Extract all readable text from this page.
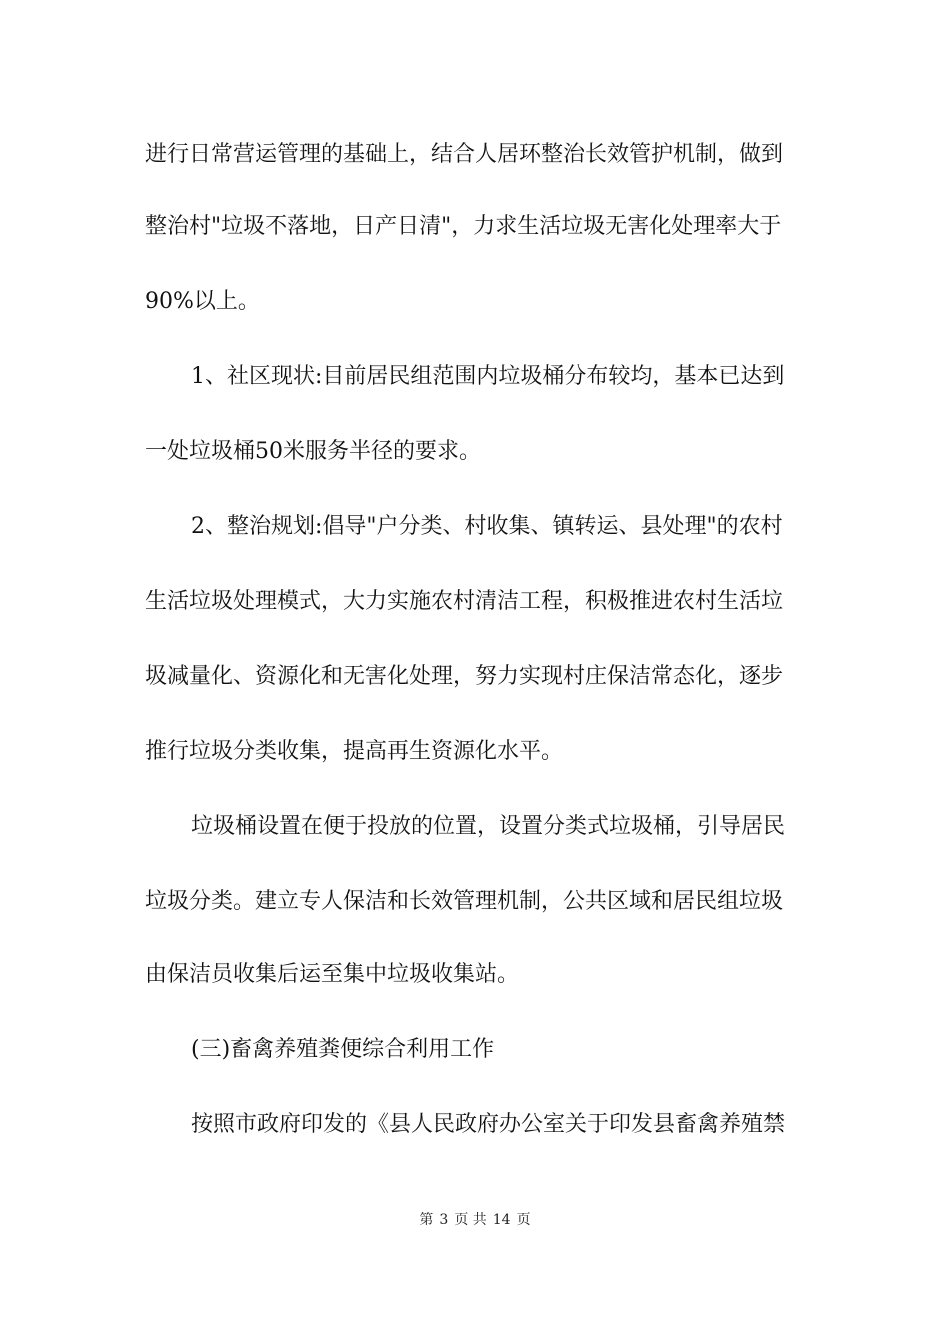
进行日常营运管理的基础上，结合人居环整治长效管护机制，做到
整治村"垃圾不落地，日产日清"，力求生活垃圾无害化处理率大于
90%以上。
1、社区现状:目前居民组范围内垃圾桶分布较均，基本已达到
一处垃圾桶50米服务半径的要求。
2、整治规划:倡导"户分类、村收集、镇转运、县处理"的农村
生活垃圾处理模式，大力实施农村清洁工程，积极推进农村生活垃
圾减量化、资源化和无害化处理，努力实现村庄保洁常态化，逐步
推行垃圾分类收集，提高再生资源化水平。
垃圾桶设置在便于投放的位置，设置分类式垃圾桶，引导居民
垃圾分类。建立专人保洁和长效管理机制，公共区域和居民组垃圾
由保洁员收集后运至集中垃圾收集站。
(三)畜禽养殖粪便综合利用工作
按照市政府印发的《县人民政府办公室关于印发县畜禽养殖禁
第 3 页 共 14 页
